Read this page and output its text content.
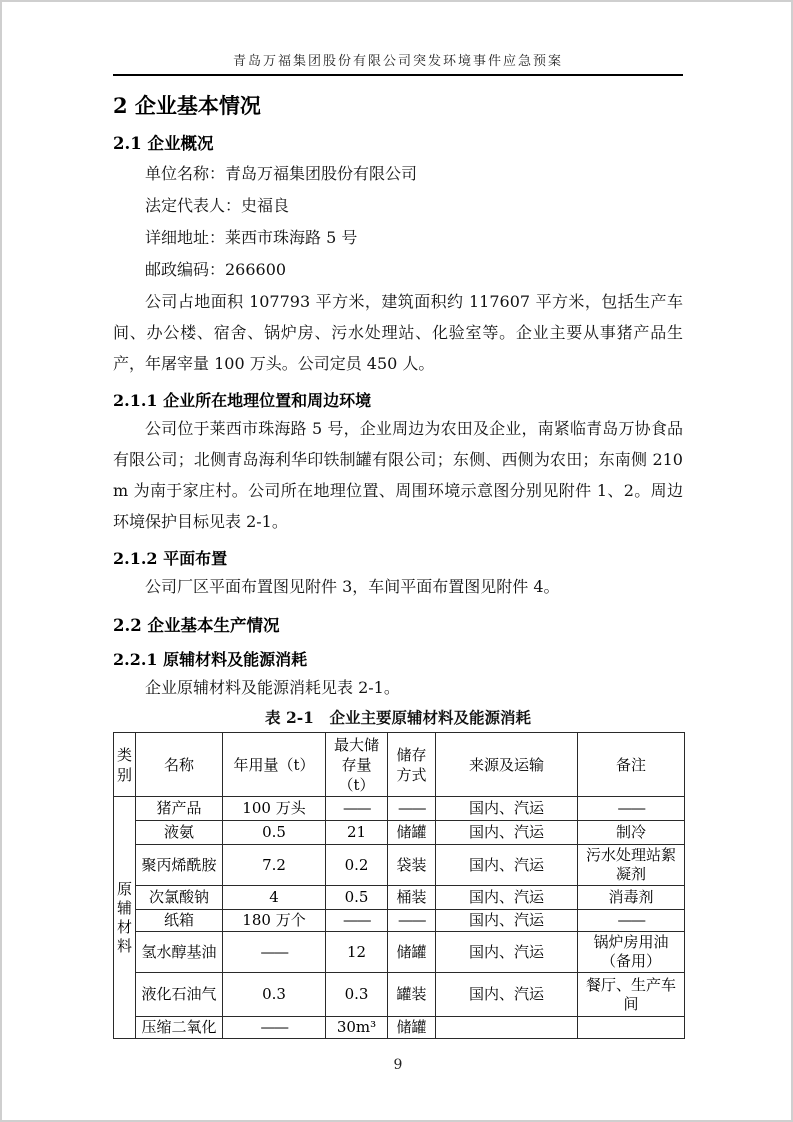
青岛万福集团股份有限公司突发环境事件应急预案
2 企业基本情况
2.1 企业概况

单位名称：青岛万福集团股份有限公司

法定代表人：史福良

详细地址：莱西市珠海路 5 号

邮政编码：266600

公司占地面积 107793 平方米，建筑面积约 117607 平方米，包括生产车间、办公楼、宿舍、锅炉房、污水处理站、化验室等。企业主要从事猪产品生产，年屠宰量 100 万头。公司定员 450 人。

2.1.1 企业所在地理位置和周边环境

公司位于莱西市珠海路 5 号，企业周边为农田及企业，南紧临青岛万协食品有限公司；北侧青岛海利华印铁制罐有限公司；东侧、西侧为农田；东南侧 210 m 为南于家庄村。公司所在地理位置、周围环境示意图分别见附件 1、2。周边环境保护目标见表 2-1。

2.1.2 平面布置

公司厂区平面布置图见附件 3，车间平面布置图见附件 4。

2.2 企业基本生产情况
2.2.1 原辅材料及能源消耗

企业原辅材料及能源消耗见表 2-1。

表 2-1　企业主要原辅材料及能源消耗
类别	名称	年用量（t）	最大储存量（t）	储存方式	来源及运输	备注
原辅材料	猪产品	100 万头	——	——	国内、汽运	——
	液氨	0.5	21	储罐	国内、汽运	制冷
	聚丙烯酰胺	7.2	0.2	袋装	国内、汽运	污水处理站絮凝剂
	次氯酸钠	4	0.5	桶装	国内、汽运	消毒剂
	纸箱	180 万个	——	——	国内、汽运	——
	氢水醇基油	——	12	储罐	国内、汽运	锅炉房用油（备用）
	液化石油气	0.3	0.3	罐装	国内、汽运	餐厅、生产车间
	压缩二氧化	——	30m³	储罐		
9
